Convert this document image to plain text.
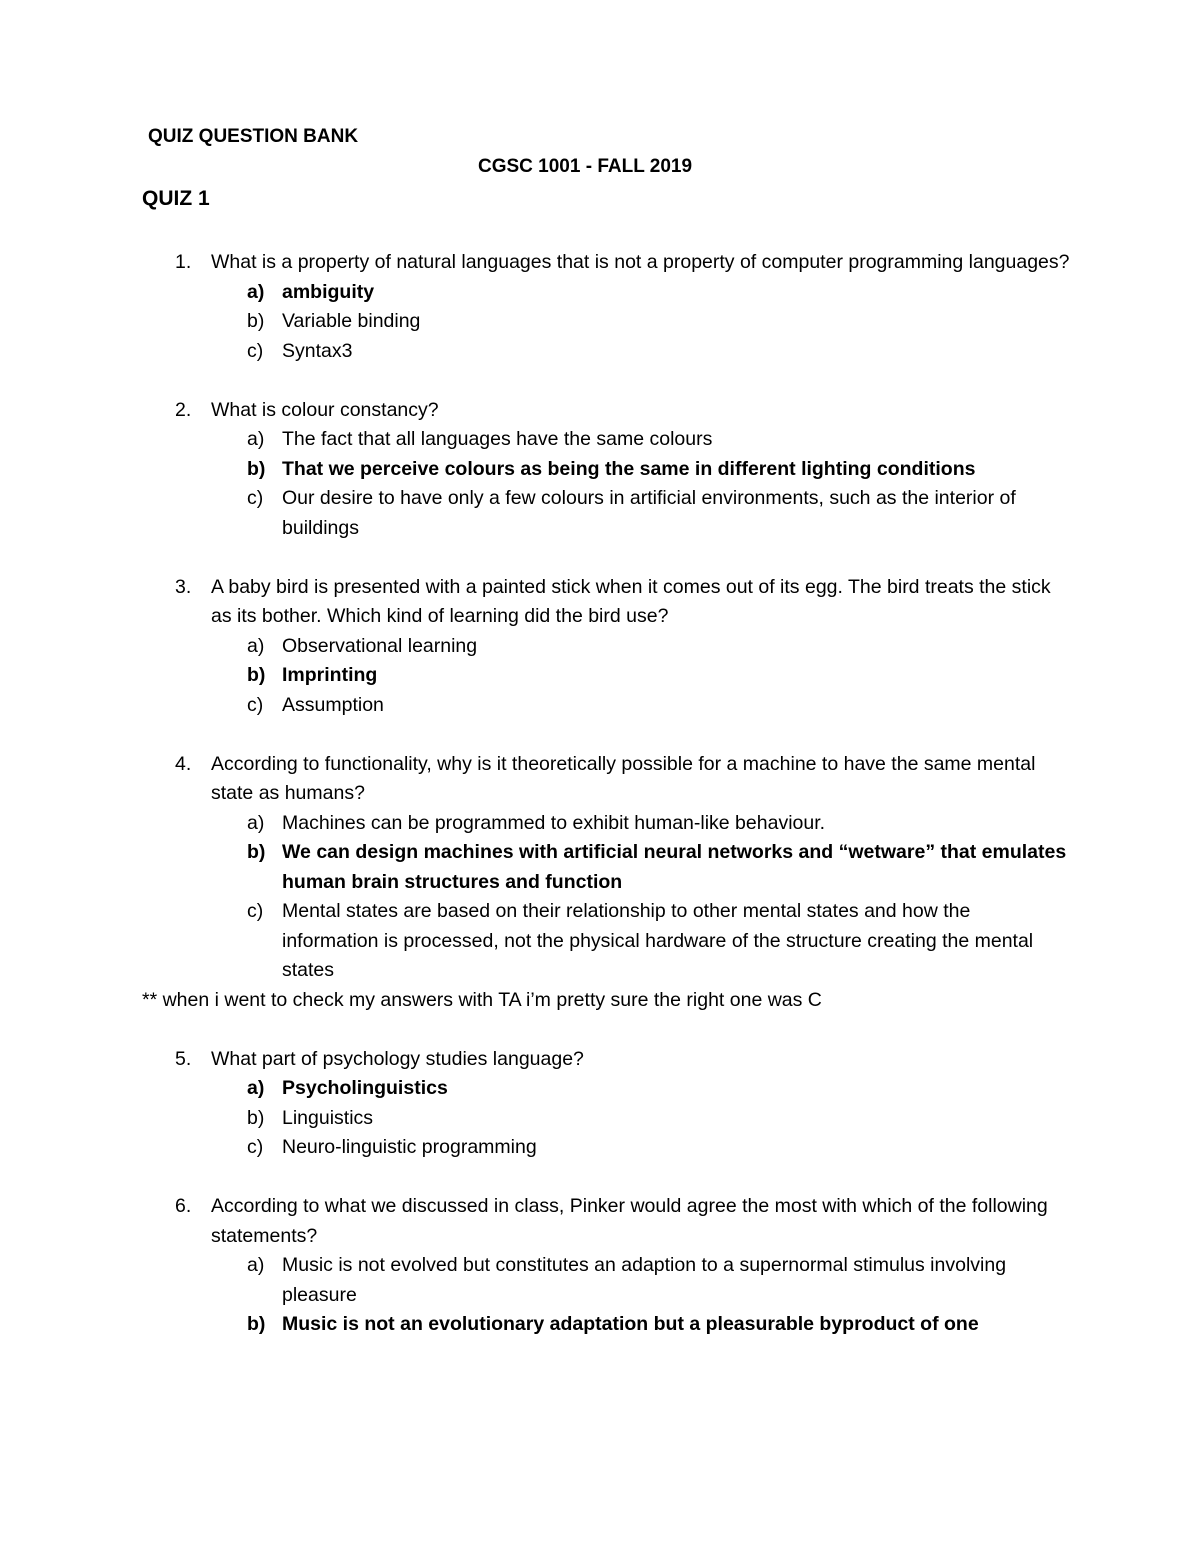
QUIZ QUESTION BANK
CGSC 1001 - FALL 2019
QUIZ 1
1. What is a property of natural languages that is not a property of computer programming languages?
a) ambiguity
b) Variable binding
c) Syntax3
2. What is colour constancy?
a) The fact that all languages have the same colours
b) That we perceive colours as being the same in different lighting conditions
c) Our desire to have only a few colours in artificial environments, such as the interior of buildings
3. A baby bird is presented with a painted stick when it comes out of its egg. The bird treats the stick as its bother. Which kind of learning did the bird use?
a) Observational learning
b) Imprinting
c) Assumption
4. According to functionality, why is it theoretically possible for a machine to have the same mental state as humans?
a) Machines can be programmed to exhibit human-like behaviour.
b) We can design machines with artificial neural networks and “wetware” that emulates human brain structures and function
c) Mental states are based on their relationship to other mental states and how the information is processed, not the physical hardware of the structure creating the mental states
** when i went to check my answers with TA i’m pretty sure the right one was C
5. What part of psychology studies language?
a) Psycholinguistics
b) Linguistics
c) Neuro-linguistic programming
6. According to what we discussed in class, Pinker would agree the most with which of the following statements?
a) Music is not evolved but constitutes an adaption to a supernormal stimulus involving pleasure
b) Music is not an evolutionary adaptation but a pleasurable byproduct of one
